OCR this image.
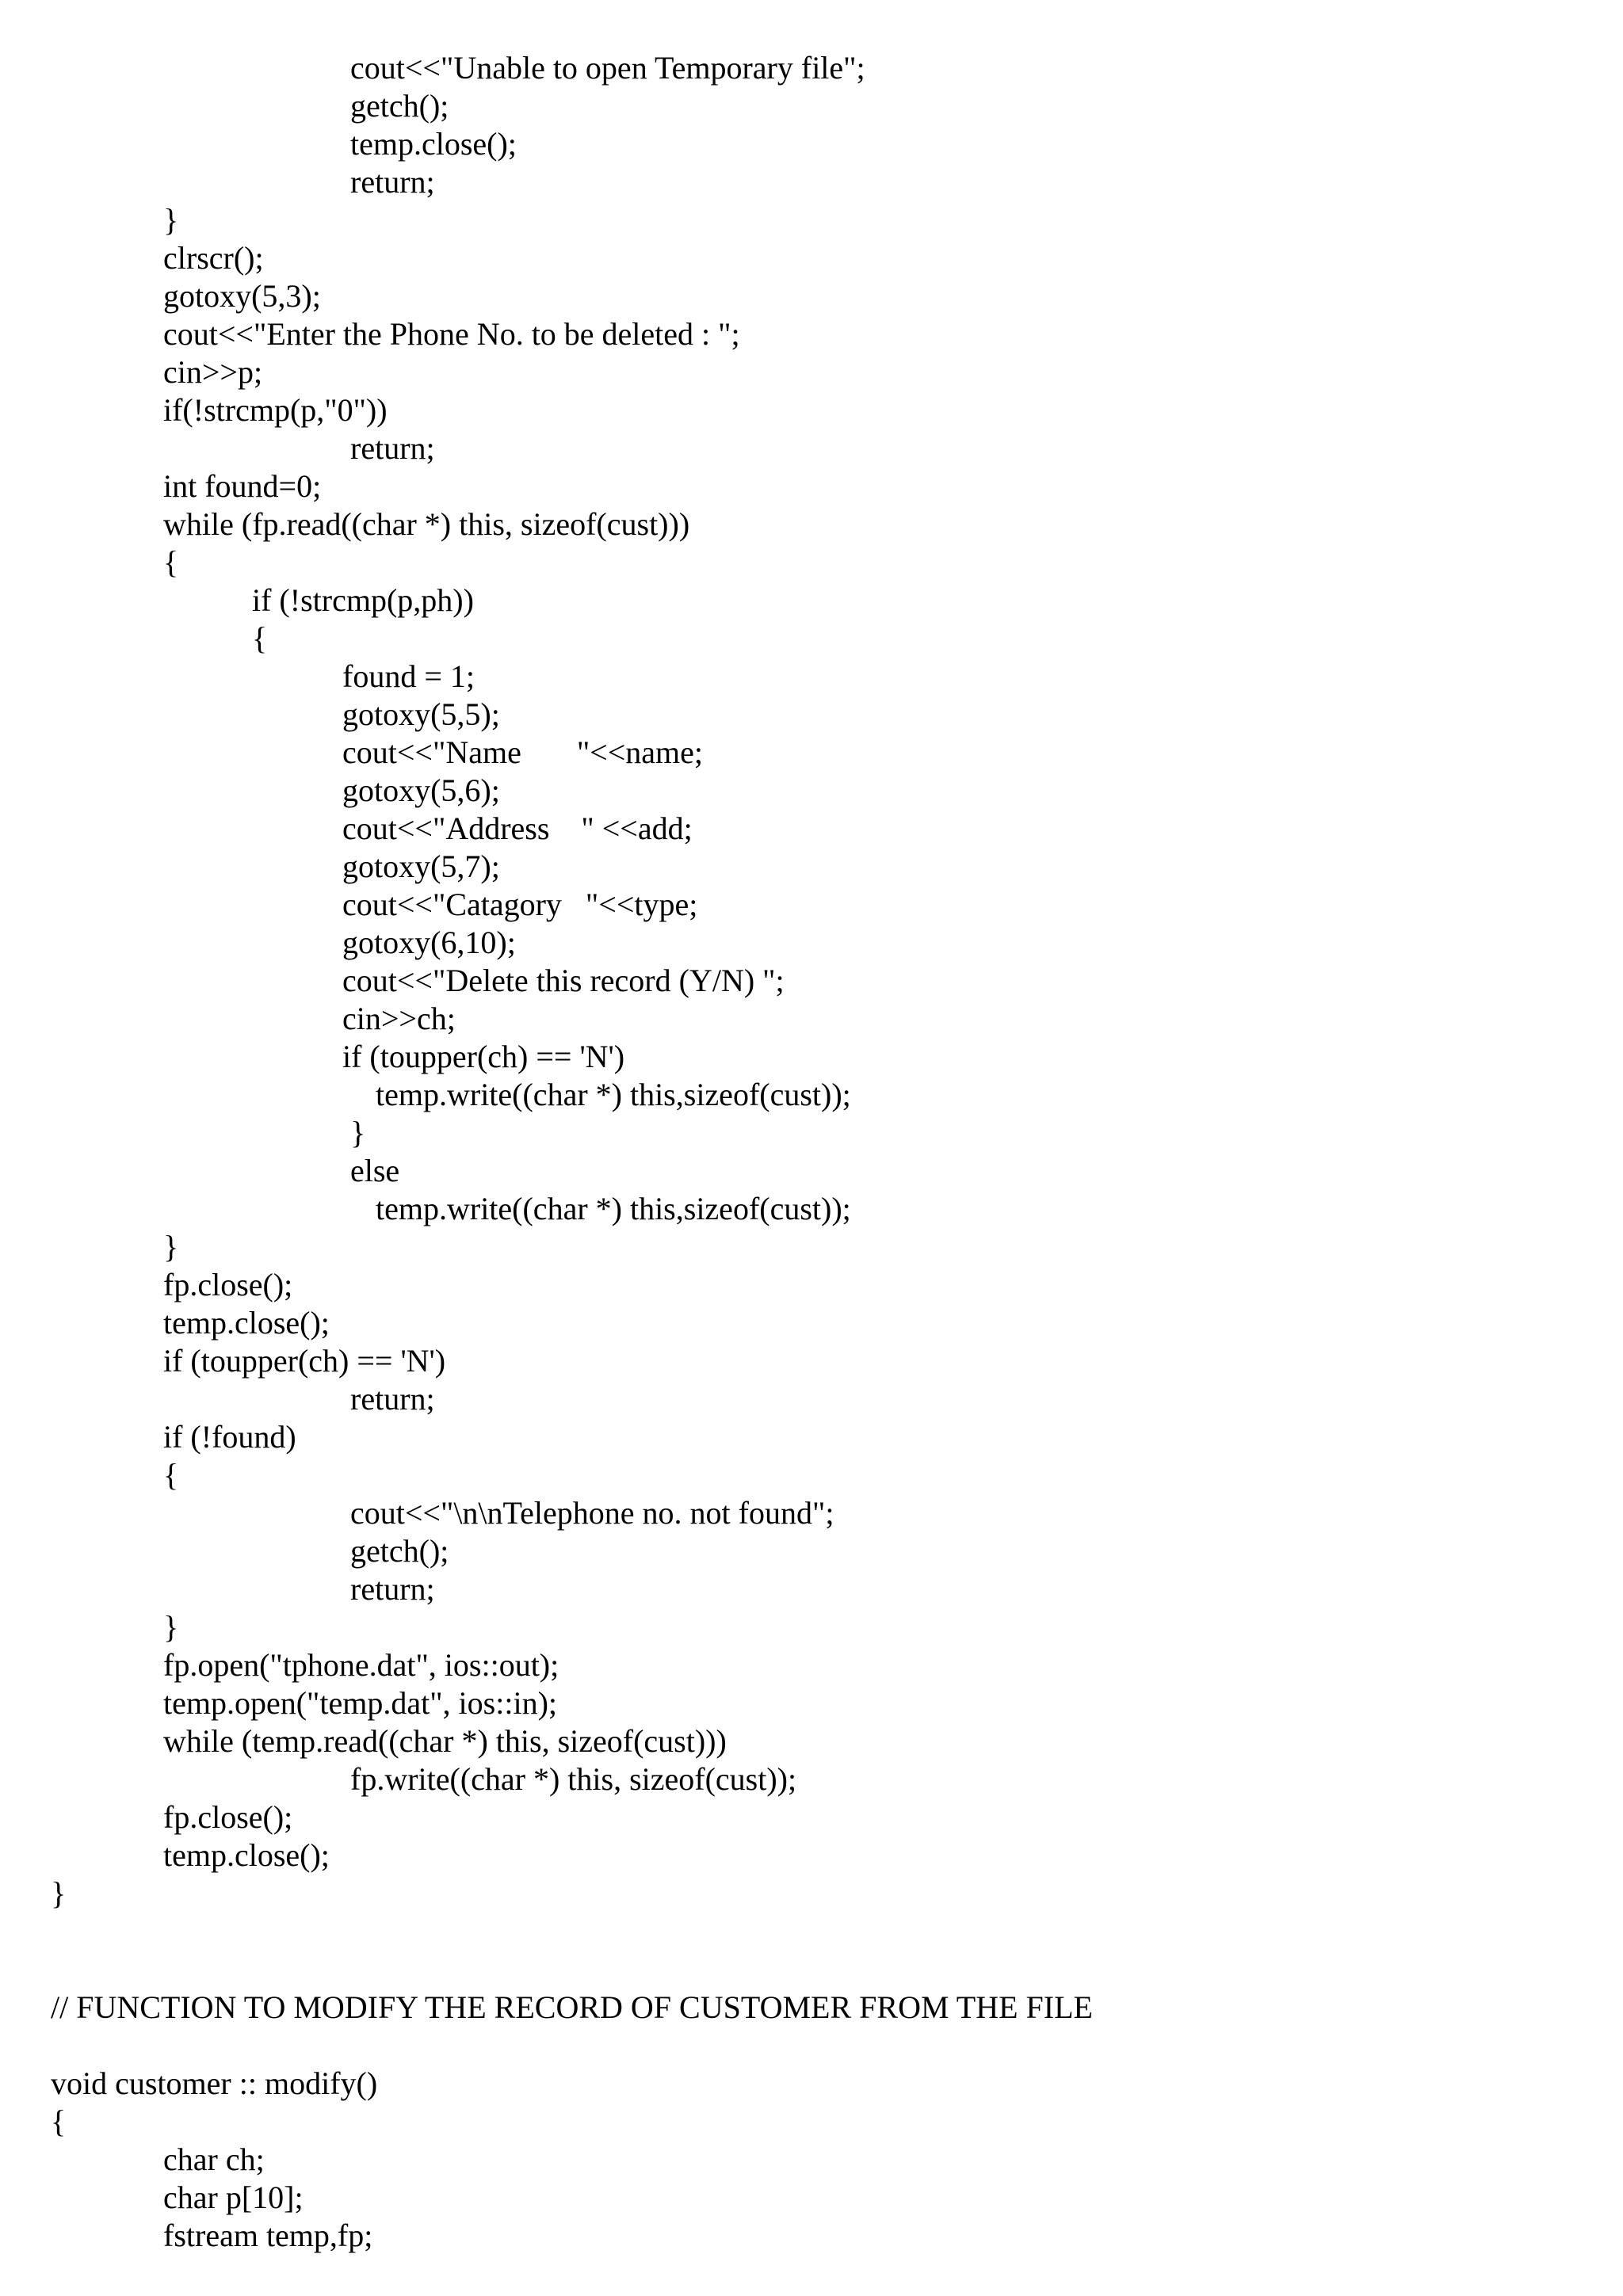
cout<<"Unable to open Temporary file";
getch();
temp.close();
return;
}
clrscr();
gotoxy(5,3);
cout<<"Enter the Phone No. to be deleted : ";
cin>>p;
if(!strcmp(p,"0"))
return;
int found=0;
while (fp.read((char *) this, sizeof(cust)))
{
if (!strcmp(p,ph))
{
found = 1;
gotoxy(5,5);
cout<<"Name       "<<name;
gotoxy(5,6);
cout<<"Address    " <<add;
gotoxy(5,7);
cout<<"Catagory   "<<type;
gotoxy(6,10);
cout<<"Delete this record (Y/N) ";
cin>>ch;
if (toupper(ch) == 'N')
temp.write((char *) this,sizeof(cust));
}
else
temp.write((char *) this,sizeof(cust));
}
fp.close();
temp.close();
if (toupper(ch) == 'N')
return;
if (!found)
{
cout<<"\n\nTelephone no. not found";
getch();
return;
}
fp.open("tphone.dat", ios::out);
temp.open("temp.dat", ios::in);
while (temp.read((char *) this, sizeof(cust)))
fp.write((char *) this, sizeof(cust));
fp.close();
temp.close();
}
// FUNCTION TO MODIFY THE RECORD OF CUSTOMER FROM THE FILE
void customer :: modify()
{
char ch;
char p[10];
fstream temp,fp;
